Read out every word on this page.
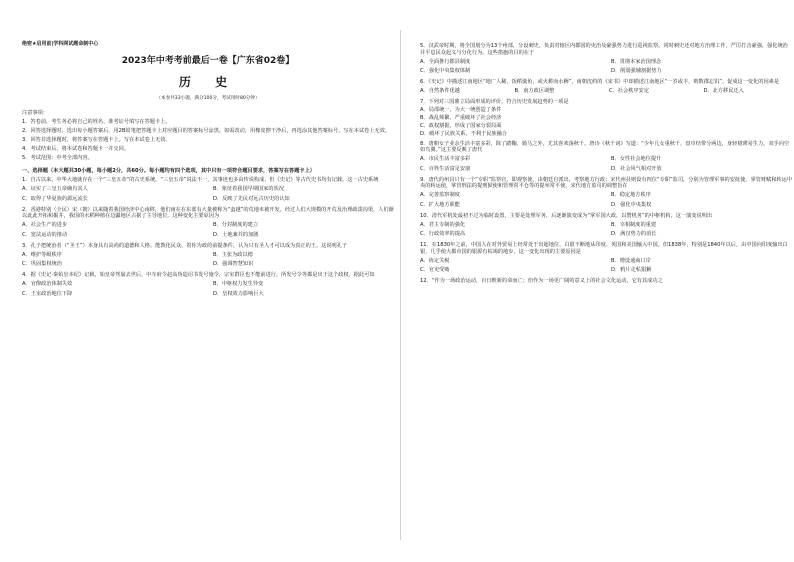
绝密★启用前|学科网试题命制中心
2023年中考考前最后一卷【广东省02卷】
历 史
（本卷共33小题，满分100分，考试用时80分钟）
注意事项：
1．答卷前，考生务必将自己的姓名、准考证号填写在答题卡上。
2．回答选择题时，选出每小题答案后，用2B铅笔把答题卡上对应题目的答案标号涂黑。如需改动，用橡皮擦干净后，再选涂其他答案标号。写在本试卷上无效。
3．回答非选择题时，将答案写在答题卡上。写在本试卷上无效。
4．考试结束后，将本试卷和答题卡一并交回。
5．考试范围：中考全部内容。
一、选择题（本大题共30小题，每小题2分，共60分。每小题均有四个选项，其中只有一项符合题目要求，答案写在答题卡上）
1．自古以来，中华大地就存在一个“三皇五帝”的古史系统。“三皇五帝”说法不一，其事迹也多由传说构成，但《史记》等古代史书均有记载。这一古史系统
A．证实了三皇五帝确有其人	B．象征着我国早期国家的状况
C．取得了华夏族的源远流长	D．反映了先民对远古历史的认知
2．香港特别（全民）宋（朝）以来随着我国经济中心南移，他们南在在东部有大量被称为“蛮越”的荒地未被开发，经过人们大规模的开荒及治理疏浚沟渠，人们渐以此此开拓和掘井，我国的水稻种植在边疆地区占据了主导地位。这种变化主要原因为
A．社会生产的进步	B．分封制度的建立
C．宽法运动的推动	D．土地兼并的加剧
3．孔子把统治者（“圣王”）本身具有高尚的道德和人格、能教化民众，着你为政的前提条件，认为只有圣人才可以成为真正的王。这说明孔子
A．维护等级秩序	B．主张为政以德
C．巩固集权统治	D．强调智慧知识
4．据《史记·秦始皇本纪》记载，始皇帝驾崩去世后，中车府令赵高伪造诏书发号施令，宗室群臣也不能前进行，所发号令等都是出于这个政权，据此可知
A．官僚政治体制失效	B．中枢权力发生异变
C．王室政治地位下降	D．皇权效力影响巨大
5．汉武帝时期，将全国划分为13个州部，分设刺史，负责对辖区内郡国的吏治及豪强势力进行巡视监察。同时刺史还对地方治理工作，严厉打击豪强，强化统治并平息民众起义与分化行为。这些措施的目的在于
A．全面推行郡县制度	B．贯彻本家治国理念
C．强化中央集权体制	D．削弱强辅割据势力
6．《史记》中描述江南地区“地广人稀，饭稻羹鱼，或火耕而水耨”，南朝沈约的《宋书》中却描述江南地区“一岁或丰，则数郡忘饥”。促成这一变化的因素是
A．自然条件优越	B．南方政区调整	C．社会秩序安定	D．北方移民迁入
7．下列对三国鼎立局面形成的评价，符合历史发展趋势的一项是
A．局部统一，为大一统创造了条件
B．战乱频繁，严重破坏了社会经济
C．政权割据，形成了国家分裂局面
D．破坏了民族关系，不利于民族融合
8．唐朝女子业余生活丰富多彩，除了踏鞠、骑马之外，尤其喜欢荡秋千。唐诗《秋千词》写道：“少年儿女重秋千，盘巾结带分两边，身轻裙薄易生力，双手向空如鸟翼。”这主要反映了唐代
A．市民生活丰富多彩	B．女性社会地位提升
C．百姓生活富足安康	D．社会风气相对开放
9．唐代的州县只有一个“专职”监察官，即观察使，由朝廷自派出，考察地方行政；宋代州县则设有四位“专职”监司，分别为管理军事的安抚使，掌管财赋和转运中央的转运使，掌管刑法的提刑狱使和管理常平仓等的提举常平使。宋代地方监司的调整旨在
A．完善监察制度	B．稳定地方秩序
C．扩大地方职能	D．强化中央集权
10．清代军机处最初不过为临时设置，主要是处理军务，后逐渐演变成为“掌军国大政，以赞机务”的中枢机构，这一演变说明出
A．君主专制的强化	B．宰相制度的重建
C．行政效率的提高	D．满汉势力的消长
11．在1830年之前，中国人在对外贸易上经常处于出超地位，白银不断地从印度、英国和美国输入中国。但1838年，特别是1840年以后，由中国向印度输出白银，几乎使大都市国的银源有枯竭的地步，这一变化出现的主要原因是
A．协定关税	B．增设通商口岸
C．官吏受贿	D．鸦片走私猖獗
12．“作为一场政治运动，百日维新的命而亡；但作为一场更广阔的意义上的社会文化运动，它有其成功之
